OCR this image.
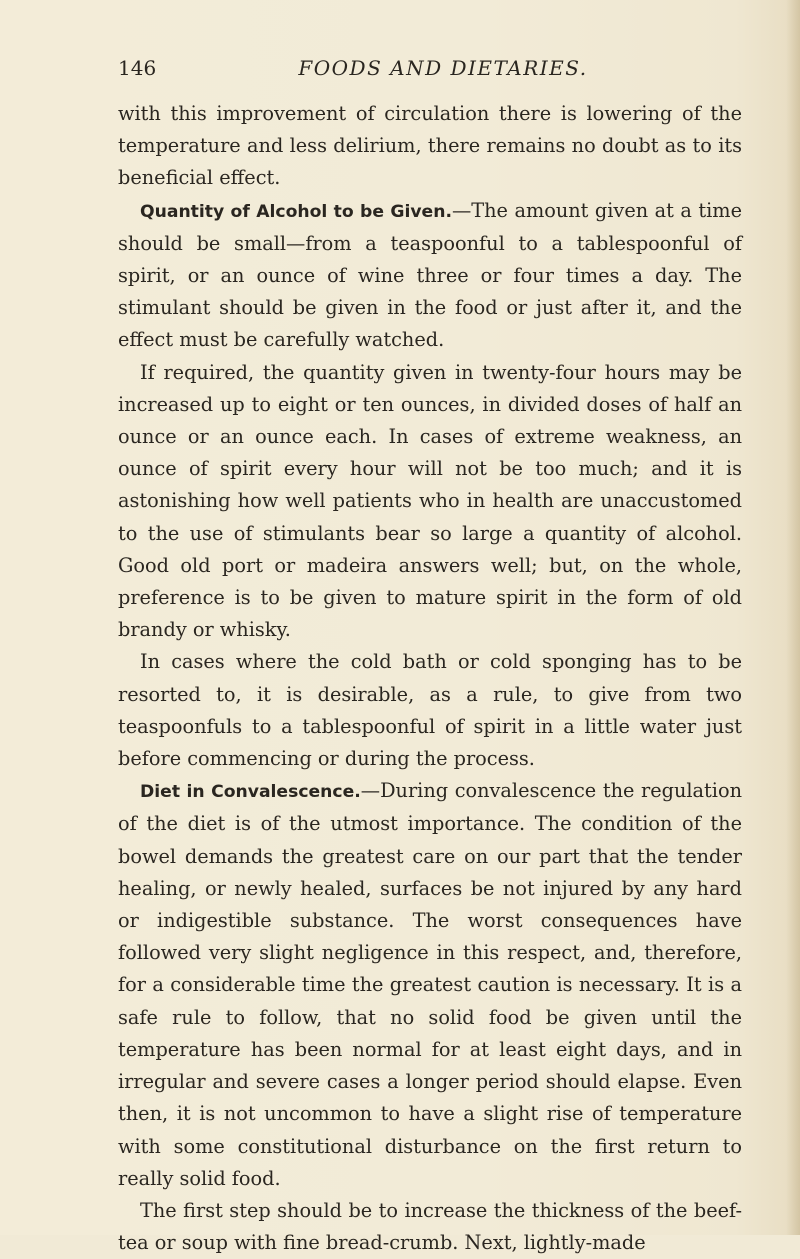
146	FOODS AND DIETARIES.

with this improvement of circulation there is lowering of the temperature and less delirium, there remains no doubt as to its beneficial effect.

Quantity of Alcohol to be Given.—The amount given at a time should be small—from a teaspoonful to a tablespoonful of spirit, or an ounce of wine three or four times a day. The stimulant should be given in the food or just after it, and the effect must be carefully watched.

If required, the quantity given in twenty-four hours may be increased up to eight or ten ounces, in divided doses of half an ounce or an ounce each. In cases of extreme weakness, an ounce of spirit every hour will not be too much; and it is astonishing how well patients who in health are unaccustomed to the use of stimulants bear so large a quantity of alcohol. Good old port or madeira answers well; but, on the whole, preference is to be given to mature spirit in the form of old brandy or whisky.

In cases where the cold bath or cold sponging has to be resorted to, it is desirable, as a rule, to give from two teaspoonfuls to a tablespoonful of spirit in a little water just before commencing or during the process.

Diet in Convalescence.—During convalescence the regulation of the diet is of the utmost importance. The condition of the bowel demands the greatest care on our part that the tender healing, or newly healed, surfaces be not injured by any hard or indigestible substance. The worst consequences have followed very slight negligence in this respect, and, therefore, for a considerable time the greatest caution is necessary. It is a safe rule to follow, that no solid food be given until the temperature has been normal for at least eight days, and in irregular and severe cases a longer period should elapse. Even then, it is not uncommon to have a slight rise of temperature with some constitutional disturbance on the first return to really solid food.

The first step should be to increase the thickness of the beef-tea or soup with fine bread-crumb. Next, lightly-made
